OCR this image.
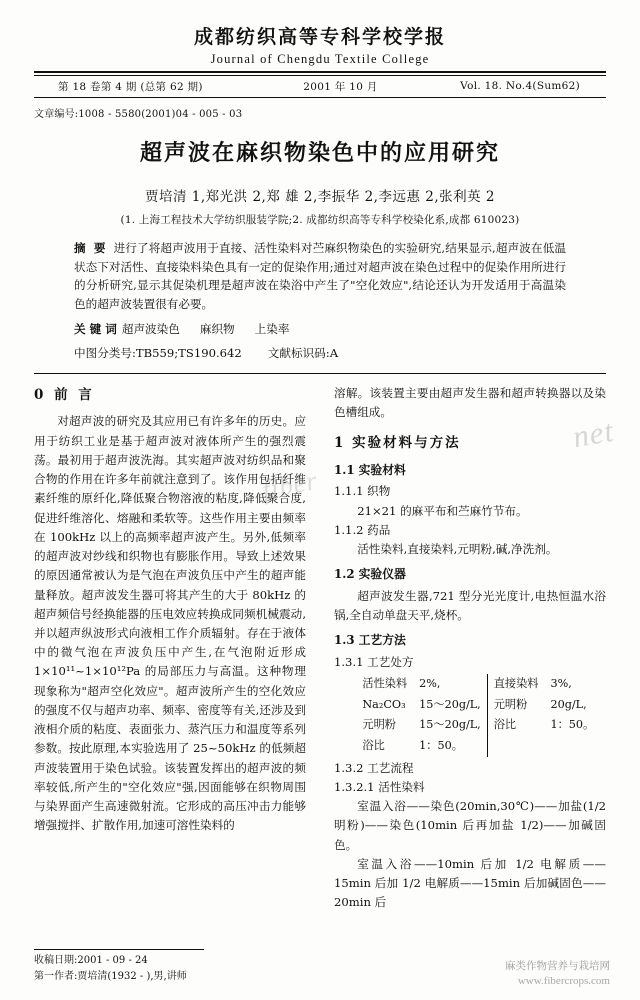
成都纺织高等专科学校学报
Journal of Chengdu Textile College
第 18 卷第 4 期 (总第 62 期)	2001 年 10 月	Vol. 18. No.4(Sum62)
文章编号:1008 - 5580(2001)04 - 005 - 03
超声波在麻织物染色中的应用研究
贾培清 1,郑光洪 2,郑 雄 2,李振华 2,李远惠 2,张利英 2
(1. 上海工程技术大学纺织服装学院;2. 成都纺织高等专科学校染化系,成都 610023)
摘 要 进行了将超声波用于直接、活性染料对苎麻织物染色的实验研究,结果显示,超声波在低温状态下对活性、直接染料染色具有一定的促染作用;通过对超声波在染色过程中的促染作用所进行的分析研究,显示其促染机理是超声波在染浴中产生了"空化效应",结论还认为开发适用于高温染色的超声波装置很有必要。
关 键 词 超声波染色 麻织物 上染率
中图分类号:TB559;TS190.642 文献标识码:A
0 前 言

对超声波的研究及其应用已有许多年的历史。应用于纺织工业是基于超声波对液体所产生的强烈震荡。最初用于超声波洗海。其实超声波对纺织品和聚合物的作用在许多年前就注意到了。该作用包括纤维素纤维的原纤化,降低聚合物溶液的粘度,降低聚合度,促进纤维溶化、熔融和柔软等。这些作用主要由频率在 100kHz 以上的高频率超声波产生。另外,低频率的超声波对纱线和织物也有膨胀作用。导致上述效果的原因通常被认为是气泡在声波负压中产生的超声能量释放。超声波发生器可将其产生的大于 80kHz 的超声频信号经换能器的压电效应转换成同频机械震动,并以超声纵波形式向液相工作介质辐射。存在于液体中的微气泡在声波负压中产生,在气泡附近形成 1×10¹¹~1×10¹²Pa 的局部压力与高温。这种物理现象称为"超声空化效应"。超声波所产生的空化效应的强度不仅与超声功率、频率、密度等有关,还涉及到液相介质的粘度、表面张力、蒸汽压力和温度等系列参数。按此原理,本实验选用了 25~50kHz 的低频超声波装置用于染色试验。该装置发挥出的超声波的频率较低,所产生的"空化效应"强,因面能够在织物周围与染界面产生高速微射流。它形成的高压冲击力能够增强搅拌、扩散作用,加速可溶性染料的

溶解。该装置主要由超声发生器和超声转换器以及染色槽组成。

1 实验材料与方法
1.1 实验材料

1.1.1 织物

21×21 的麻平布和苎麻竹节布。

1.1.2 药品

活性染料,直接染料,元明粉,碱,净洗剂。

1.2 实验仪器

超声波发生器,721 型分光光度计,电热恒温水浴锅,全自动单盘天平,烧杯。

1.3 工艺方法

1.3.1 工艺处方

活性染料	2%,	直接染料	3%,
Na₂CO₃	15～20g/L,	元明粉	20g/L,
元明粉	15～20g/L,	浴比	1：50。
浴比	1：50。		

1.3.2 工艺流程

1.3.2.1 活性染料

室温入浴——染色(20min,30℃)——加盐(1/2 明粉)——染色(10min 后再加盐 1/2)——加碱固色。

室温入浴——10min 后加 1/2 电解质——15min 后加 1/2 电解质——15min 后加碱固色——20min 后

收稿日期:2001 - 09 - 24
第一作者:贾培清(1932 - ),男,讲师
net
fiber
麻类作物营养与栽培网
www.fibercrops.com
